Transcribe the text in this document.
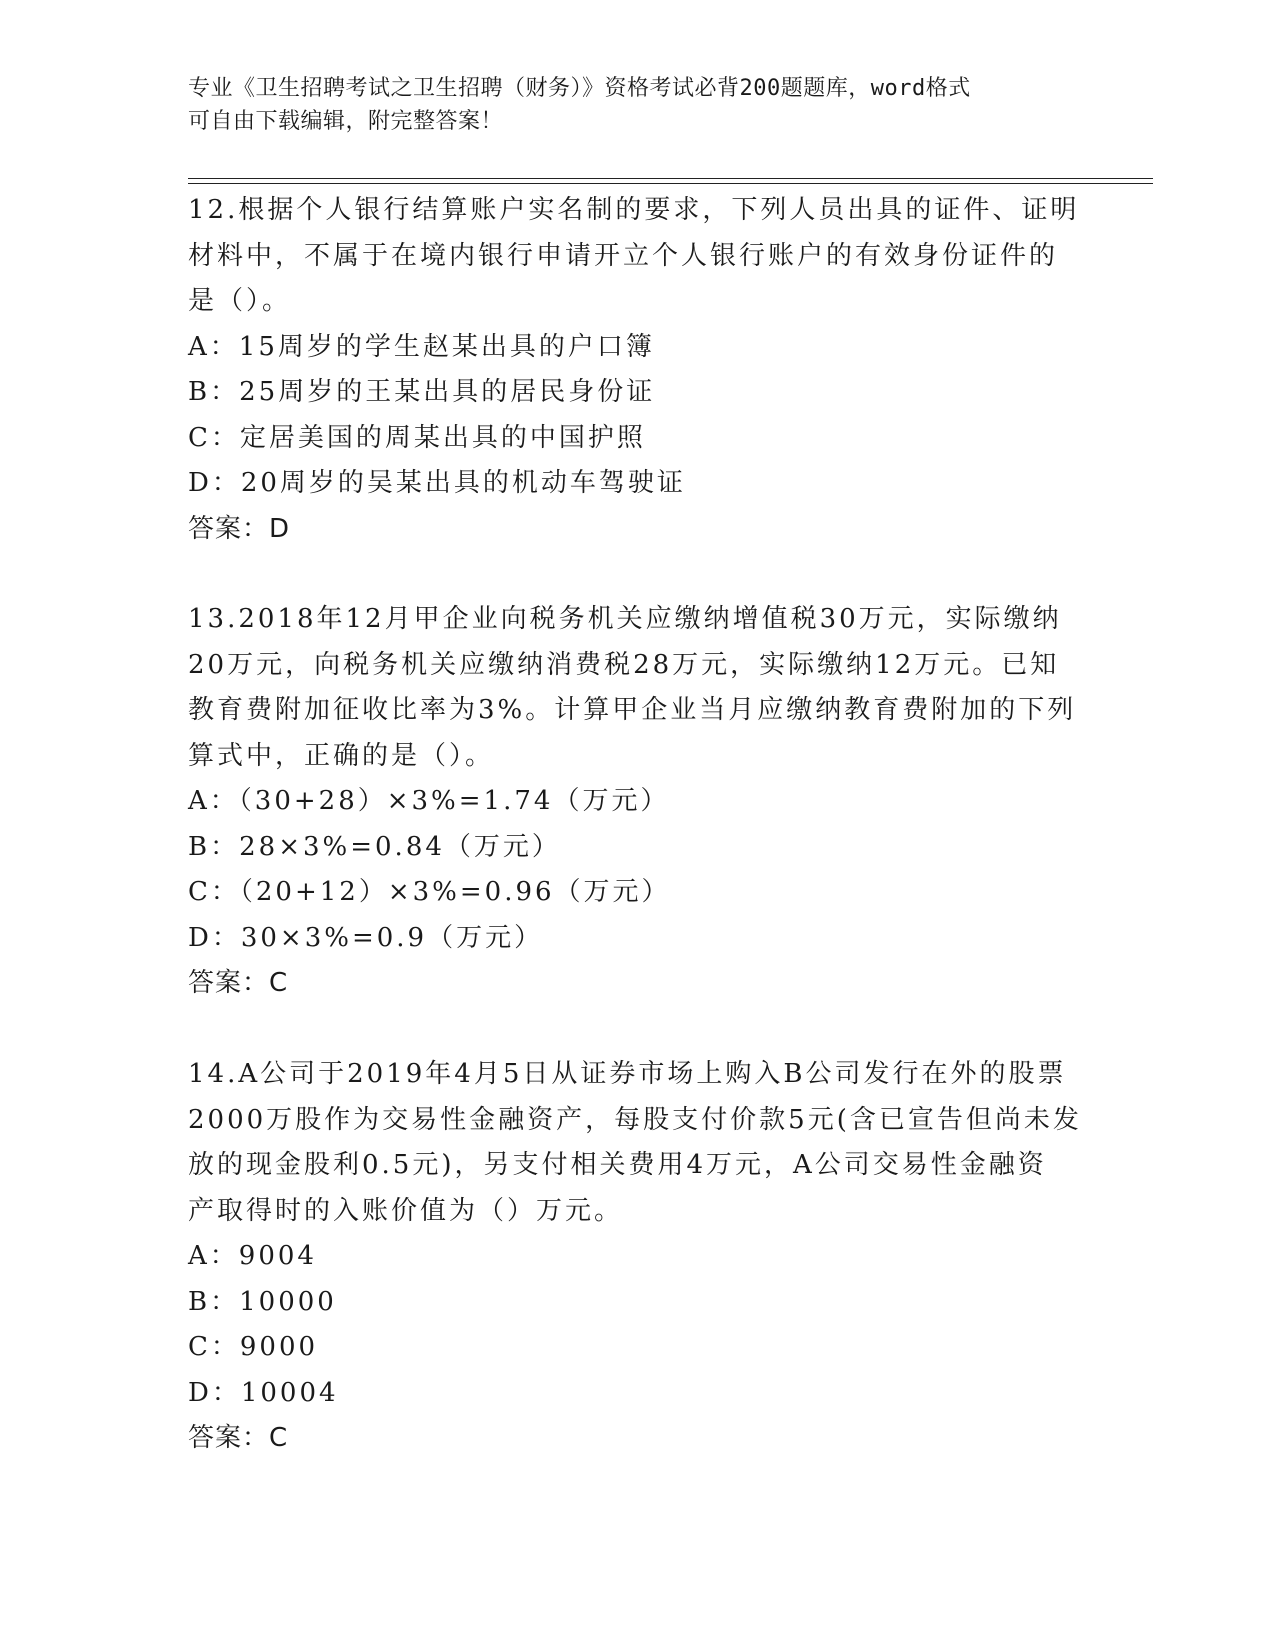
专业《卫生招聘考试之卫生招聘（财务）》资格考试必背200题题库，word格式
可自由下载编辑，附完整答案！
12.根据个人银行结算账户实名制的要求，下列人员出具的证件、证明
材料中，不属于在境内银行申请开立个人银行账户的有效身份证件的
是（）。
A：15周岁的学生赵某出具的户口簿
B：25周岁的王某出具的居民身份证
C：定居美国的周某出具的中国护照
D：20周岁的吴某出具的机动车驾驶证
答案：D
13.2018年12月甲企业向税务机关应缴纳增值税30万元，实际缴纳
20万元，向税务机关应缴纳消费税28万元，实际缴纳12万元。已知
教育费附加征收比率为3%。计算甲企业当月应缴纳教育费附加的下列
算式中，正确的是（）。
A：（30+28）×3%=1.74（万元）
B：28×3%=0.84（万元）
C：（20+12）×3%=0.96（万元）
D：30×3%=0.9（万元）
答案：C
14.A公司于2019年4月5日从证券市场上购入B公司发行在外的股票
2000万股作为交易性金融资产，每股支付价款5元(含已宣告但尚未发
放的现金股利0.5元)，另支付相关费用4万元，A公司交易性金融资
产取得时的入账价值为（）万元。
A：9004
B：10000
C：9000
D：10004
答案：C
